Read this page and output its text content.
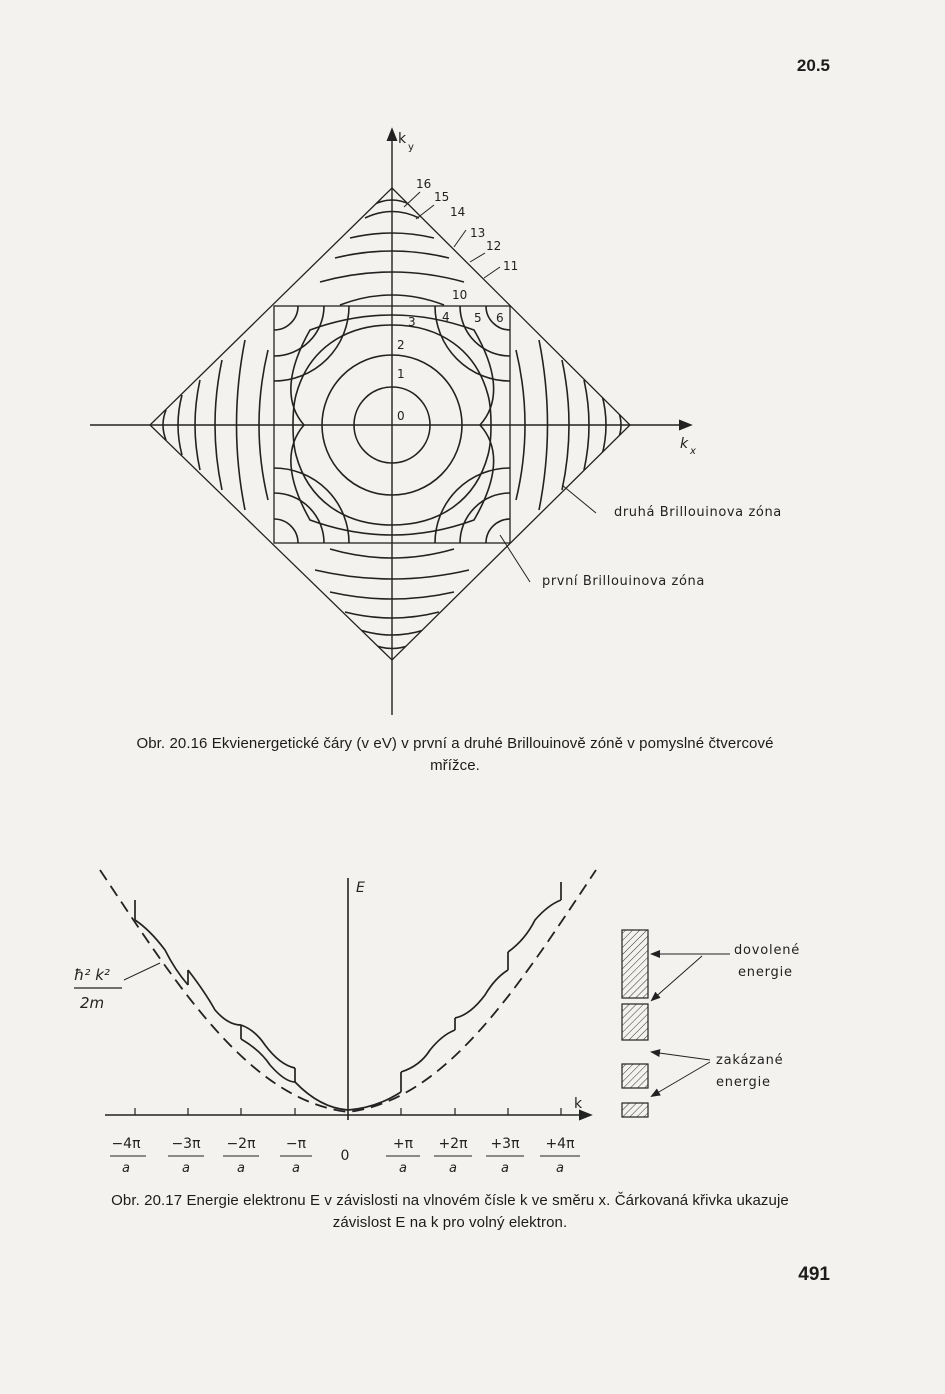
20.5
k
y
k x
0
1
2
3 4 5 6
10
11
12
13
14
15
16
druhá Brillouinova zóna
první Brillouinova zóna
Obr. 20.16 Ekvienergetické čáry (v eV) v první a druhé Brillouinově zóně v pomyslné čtvercové
mřížce.
E
k
ħ² k²
2m
−4π −3π −2π −π
0
+π +2π +3π +4π
a	a	a	a	a	a	a	a
dovolené
energie
zakázané
energie
Obr. 20.17 Energie elektronu E v závislosti na vlnovém čísle k ve směru x. Čárkovaná křivka ukazuje
závislost E na k pro volný elektron.
491
